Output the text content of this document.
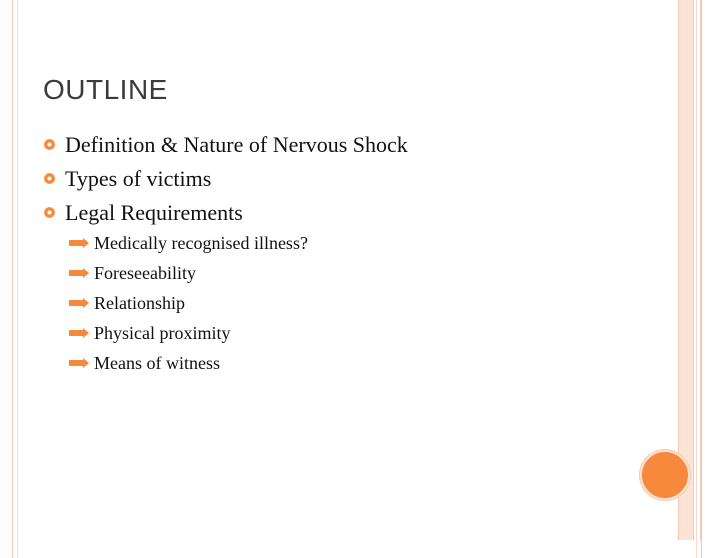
OUTLINE
Definition & Nature of Nervous Shock
Types of victims
Legal Requirements
Medically recognised illness?
Foreseeability
Relationship
Physical proximity
Means of witness
